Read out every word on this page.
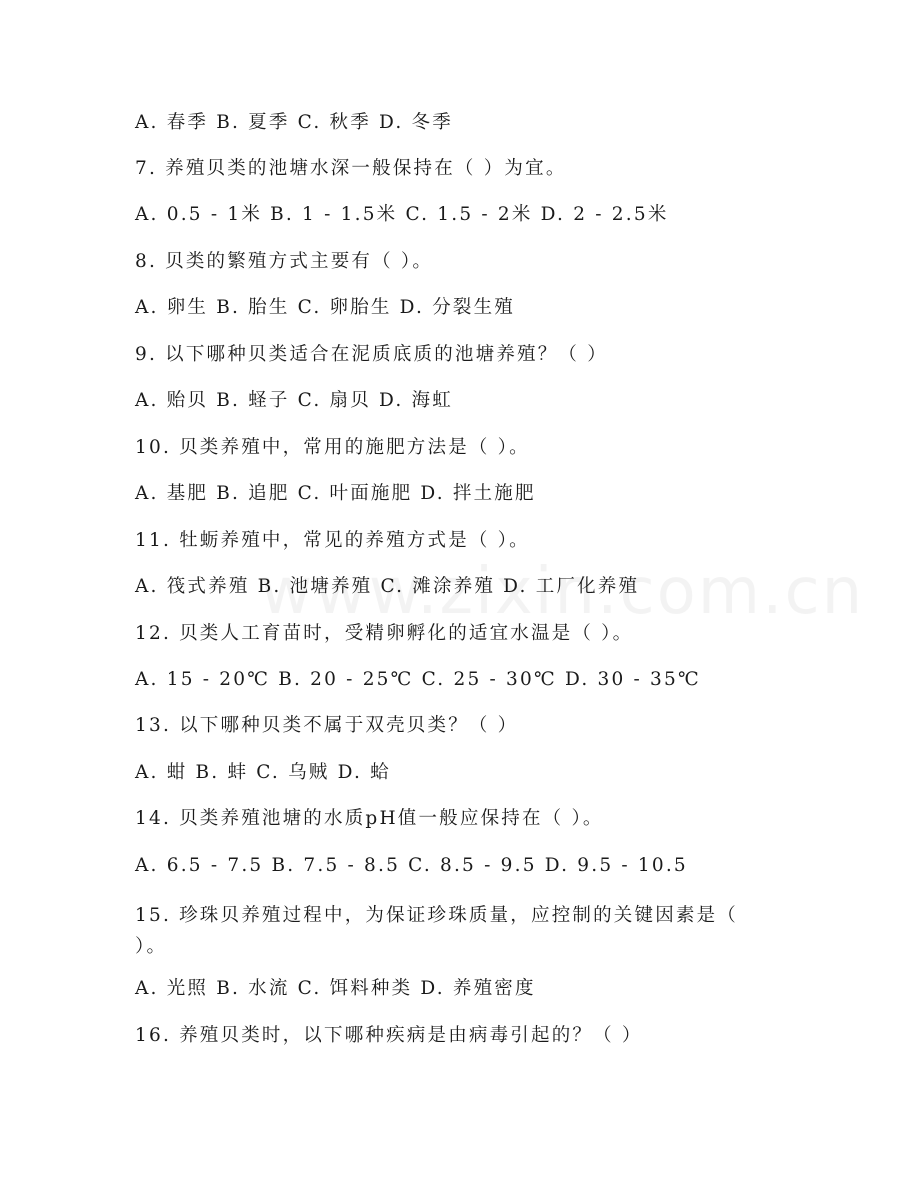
A. 春季 B. 夏季 C. 秋季 D. 冬季
7. 养殖贝类的池塘水深一般保持在（ ）为宜。
A. 0.5 - 1米 B. 1 - 1.5米 C. 1.5 - 2米 D. 2 - 2.5米
8. 贝类的繁殖方式主要有（ ）。
A. 卵生 B. 胎生 C. 卵胎生 D. 分裂生殖
9. 以下哪种贝类适合在泥质底质的池塘养殖？（ ）
A. 贻贝 B. 蛏子 C. 扇贝 D. 海虹
10. 贝类养殖中，常用的施肥方法是（ ）。
A. 基肥 B. 追肥 C. 叶面施肥 D. 拌土施肥
11. 牡蛎养殖中，常见的养殖方式是（ ）。
A. 筏式养殖 B. 池塘养殖 C. 滩涂养殖 D. 工厂化养殖
12. 贝类人工育苗时，受精卵孵化的适宜水温是（ ）。
A. 15 - 20℃ B. 20 - 25℃ C. 25 - 30℃ D. 30 - 35℃
13. 以下哪种贝类不属于双壳贝类？（ ）
A. 蚶 B. 蚌 C. 乌贼 D. 蛤
14. 贝类养殖池塘的水质pH值一般应保持在（ ）。
A. 6.5 - 7.5 B. 7.5 - 8.5 C. 8.5 - 9.5 D. 9.5 - 10.5
15. 珍珠贝养殖过程中，为保证珍珠质量，应控制的关键因素是（ ）。
A. 光照 B. 水流 C. 饵料种类 D. 养殖密度
16. 养殖贝类时，以下哪种疾病是由病毒引起的？（ ）
